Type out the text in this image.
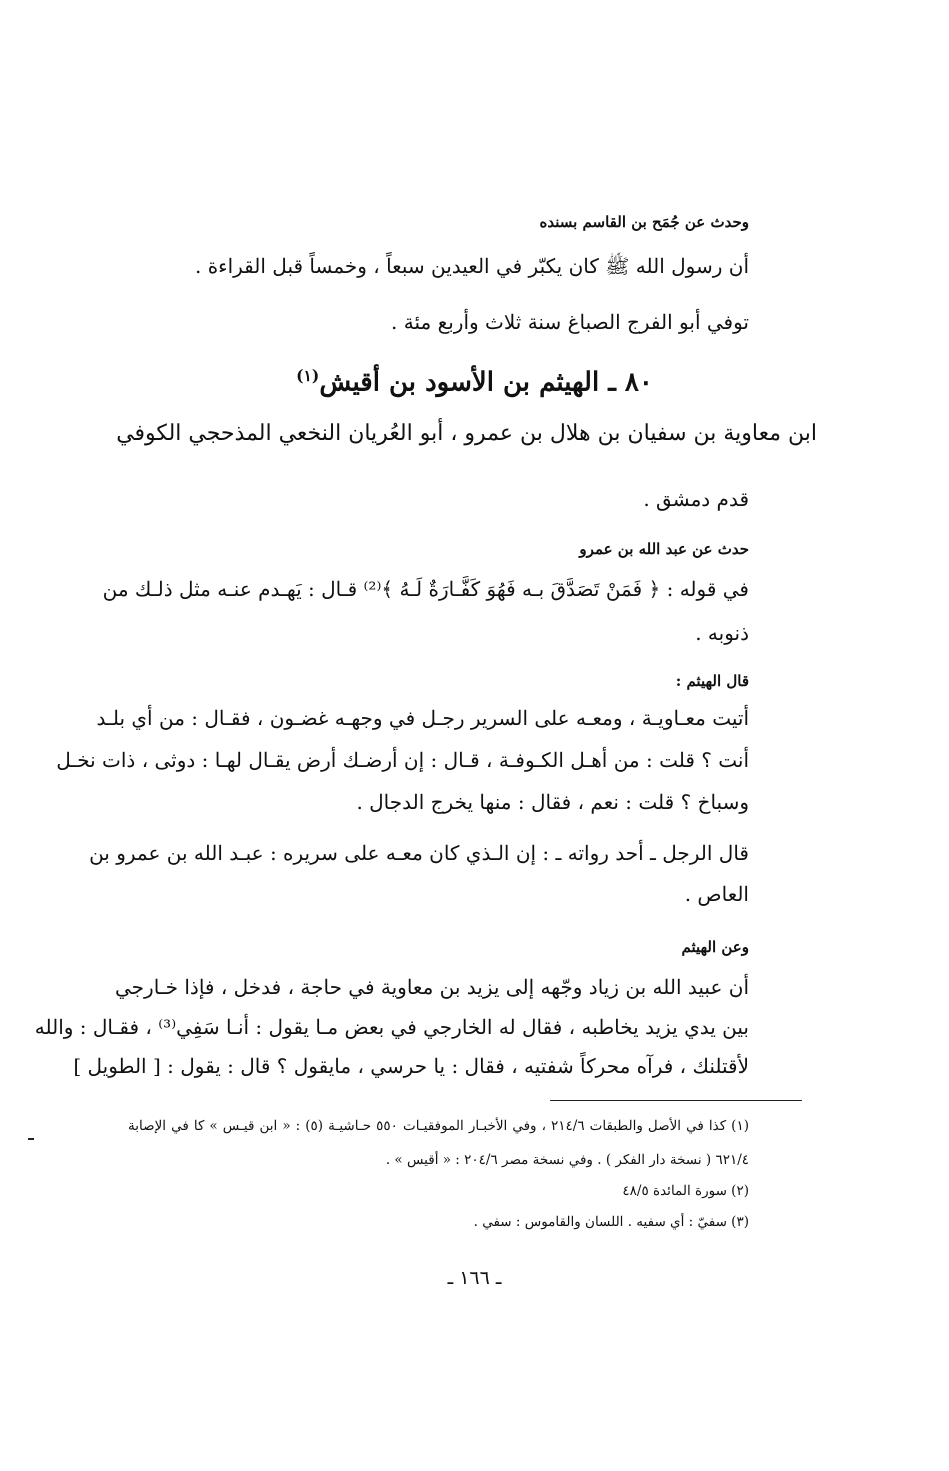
وحدث عن جُمَح بن القاسم بسنده
أن رسول الله ﷺ كان يكبّر في العيدين سبعاً ، وخمساً قبل القراءة .
توفي أبو الفرج الصباغ سنة ثلاث وأربع مئة .
٨٠ ـ الهيثم بن الأسود بن أقيش$^{(١)}$
ابن معاوية بن سفيان بن هلال بن عمرو ، أبو العُريان النخعي المذحجي الكوفي
قدم دمشق .
حدث عن عبد الله بن عمرو
في قوله : ﴿ فَمَنْ تَصَدَّقَ بـه فَهُوَ كَفَّـارَةٌ لَـهُ ﴾⁽²⁾ قـال : يَهـدم عنـه مثل ذلـك من
ذنوبه .
قال الهيثم :
أتيت معـاويـة ، ومعـه على السرير رجـل في وجهـه غضـون ، فقـال : من أي بلـد
أنت ؟ قلت : من أهـل الكـوفـة ، قـال : إن أرضـك أرض يقـال لهـا : دوثى ، ذات نخـل
وسباخ ؟ قلت : نعم ، فقال : منها يخرج الدجال .
قال الرجل ـ أحد رواته ـ : إن الـذي كان معـه على سريره : عبـد الله بن عمرو بن
العاص .
وعن الهيثم
أن عبيد الله بن زياد وجّهه إلى يزيد بن معاوية في حاجة ، فدخل ، فإذا خـارجي
بين يدي يزيد يخاطبه ، فقال له الخارجي في بعض مـا يقول : أنـا سَفِي⁽³⁾ ، فقـال : والله
لأقتلنك ، فرآه محركاً شفتيه ، فقال : يا حرسي ، مايقول ؟ قال : يقول : [ الطويل ]
(١) كذا في الأصل والطبقات ٢١٤/٦ ، وفي الأخبـار الموفقيـات ٥٥٠ حـاشيـة (٥) : « ابن قيـس » كا في الإصابة
٦٢١/٤ ( نسخة دار الفكر ) . وفي نسخة مصر ٢٠٤/٦ : « أقيس » .
(٢) سورة المائدة ٤٨/٥
(٣) سفيّ : أي سفيه . اللسان والقاموس : سفي .
ـ ١٦٦ ـ
